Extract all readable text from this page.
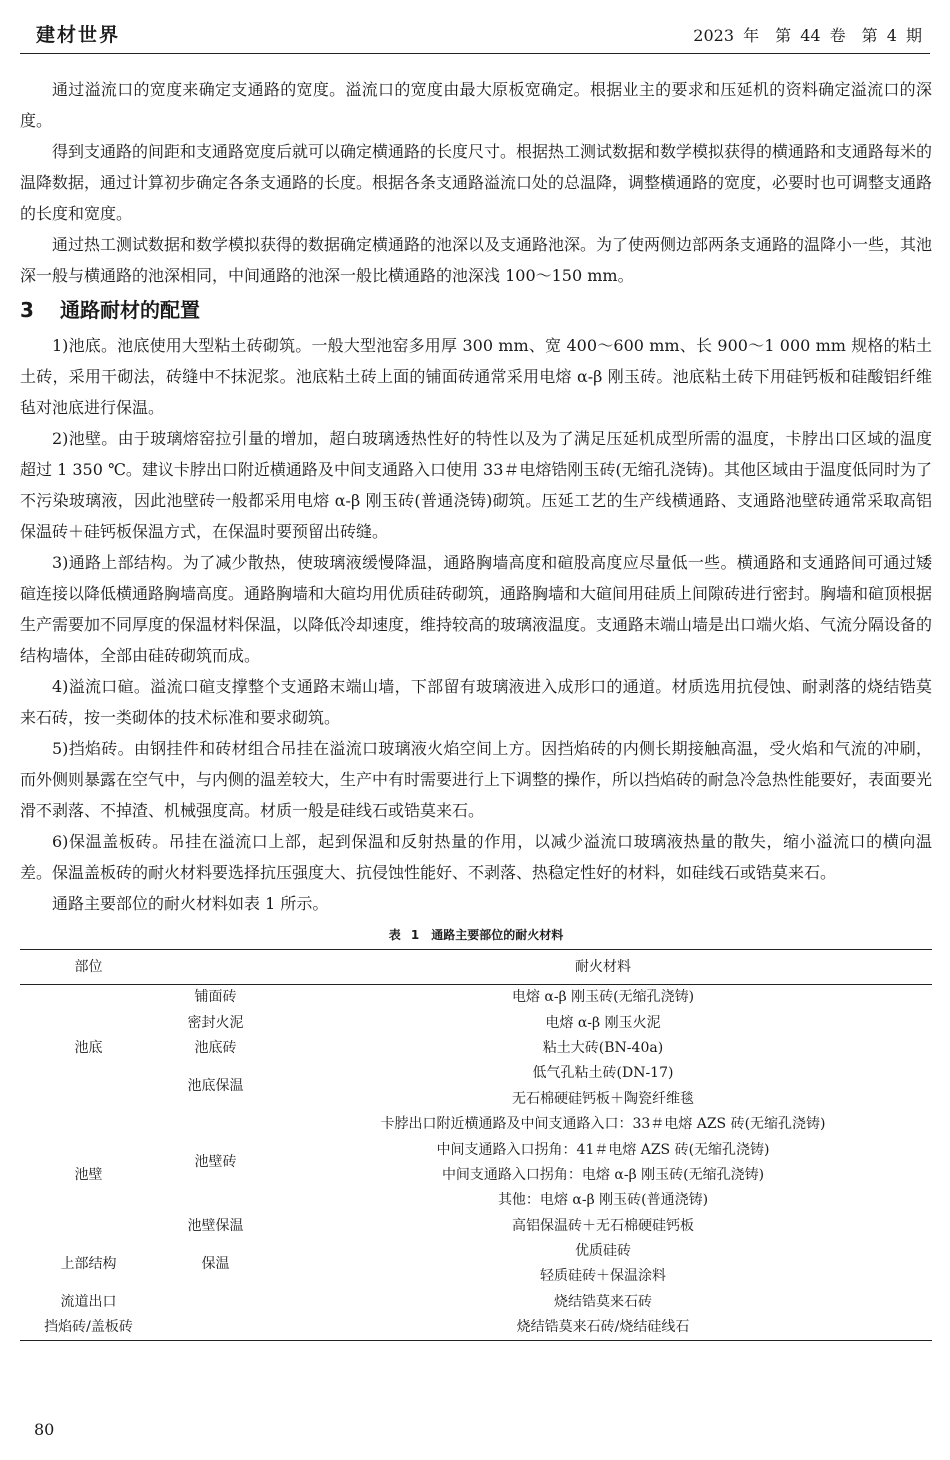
建材世界	2023 年　第 44 卷　第 4 期

通过溢流口的宽度来确定支通路的宽度。溢流口的宽度由最大原板宽确定。根据业主的要求和压延机的资料确定溢流口的深度。

得到支通路的间距和支通路宽度后就可以确定横通路的长度尺寸。根据热工测试数据和数学模拟获得的横通路和支通路每米的温降数据，通过计算初步确定各条支通路的长度。根据各条支通路溢流口处的总温降，调整横通路的宽度，必要时也可调整支通路的长度和宽度。

通过热工测试数据和数学模拟获得的数据确定横通路的池深以及支通路池深。为了使两侧边部两条支通路的温降小一些，其池深一般与横通路的池深相同，中间通路的池深一般比横通路的池深浅 100～150 mm。

3 通路耐材的配置

1)池底。池底使用大型粘土砖砌筑。一般大型池窑多用厚 300 mm、宽 400～600 mm、长 900～1 000 mm 规格的粘土土砖，采用干砌法，砖缝中不抹泥浆。池底粘土砖上面的铺面砖通常采用电熔 α-β 刚玉砖。池底粘土砖下用硅钙板和硅酸铝纤维毡对池底进行保温。

2)池壁。由于玻璃熔窑拉引量的增加，超白玻璃透热性好的特性以及为了满足压延机成型所需的温度，卡脖出口区域的温度超过 1 350 ℃。建议卡脖出口附近横通路及中间支通路入口使用 33＃电熔锆刚玉砖(无缩孔浇铸)。其他区域由于温度低同时为了不污染玻璃液，因此池壁砖一般都采用电熔 α-β 刚玉砖(普通浇铸)砌筑。压延工艺的生产线横通路、支通路池壁砖通常采取高铝保温砖＋硅钙板保温方式，在保温时要预留出砖缝。

3)通路上部结构。为了减少散热，使玻璃液缓慢降温，通路胸墙高度和碹股高度应尽量低一些。横通路和支通路间可通过矮碹连接以降低横通路胸墙高度。通路胸墙和大碹均用优质硅砖砌筑，通路胸墙和大碹间用硅质上间隙砖进行密封。胸墙和碹顶根据生产需要加不同厚度的保温材料保温，以降低冷却速度，维持较高的玻璃液温度。支通路末端山墙是出口端火焰、气流分隔设备的结构墙体，全部由硅砖砌筑而成。

4)溢流口碹。溢流口碹支撑整个支通路末端山墙，下部留有玻璃液进入成形口的通道。材质选用抗侵蚀、耐剥落的烧结锆莫来石砖，按一类砌体的技术标准和要求砌筑。

5)挡焰砖。由钢挂件和砖材组合吊挂在溢流口玻璃液火焰空间上方。因挡焰砖的内侧长期接触高温，受火焰和气流的冲刷，而外侧则暴露在空气中，与内侧的温差较大，生产中有时需要进行上下调整的操作，所以挡焰砖的耐急冷急热性能要好，表面要光滑不剥落、不掉渣、机械强度高。材质一般是硅线石或锆莫来石。

6)保温盖板砖。吊挂在溢流口上部，起到保温和反射热量的作用，以减少溢流口玻璃液热量的散失，缩小溢流口的横向温差。保温盖板砖的耐火材料要选择抗压强度大、抗侵蚀性能好、不剥落、热稳定性好的材料，如硅线石或锆莫来石。

通路主要部位的耐火材料如表 1 所示。

表 1　通路主要部位的耐火材料
部位		耐火材料
池底	铺面砖	电熔 α-β 刚玉砖(无缩孔浇铸)
	密封火泥	电熔 α-β 刚玉火泥
	池底砖	粘土大砖(BN-40a)
	池底保温	低气孔粘土砖(DN-17)
		无石棉硬硅钙板＋陶瓷纤维毯
池壁	池壁砖	卡脖出口附近横通路及中间支通路入口：33＃电熔 AZS 砖(无缩孔浇铸)
		中间支通路入口拐角：41＃电熔 AZS 砖(无缩孔浇铸)
		中间支通路入口拐角：电熔 α-β 刚玉砖(无缩孔浇铸)
		其他：电熔 α-β 刚玉砖(普通浇铸)
	池壁保温	高铝保温砖＋无石棉硬硅钙板
上部结构	保温	优质硅砖
		轻质硅砖＋保温涂料
流道出口		烧结锆莫来石砖
挡焰砖/盖板砖		烧结锆莫来石砖/烧结硅线石
80
